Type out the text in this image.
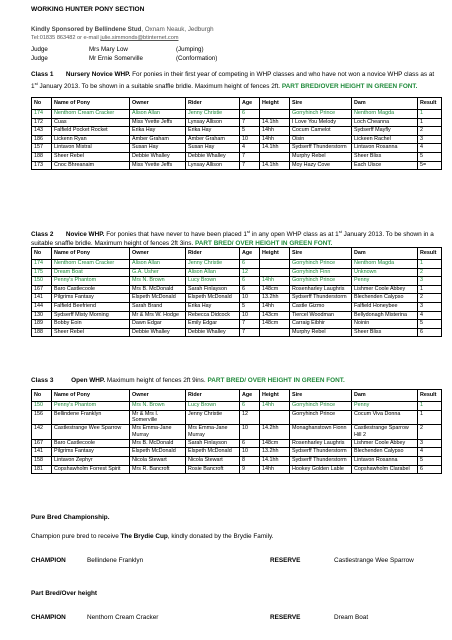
WORKING HUNTER PONY SECTION
Kindly Sponsored by Bellindene Stud, Oxnam Neauk, Jedburgh
Tel:01835 863482 or e-mail julie.simmonds@btinternet.com
Judge	Mrs Mary Low	(Jumping)
Judge	Mr Ernie Somerville	(Conformation)
Class 1 Nursery Novice WHP. For ponies in their first year of competing in WHP classes and who have not won a novice WHP class as at 1st January 2013. To be shown in a suitable snaffle bridle. Maximum height of fences 2ft. PART BRED/OVER HEIGHT IN GREEN FONT.
No	Name of Pony	Owner	Rider	Age	Height	Sire	Dam	Result
174	Nenthorn Cream Cracker	Alison Allan	Jenny Christie	6		Gorryhinch Prince	Nenthorn Magda	1
172	Cuas	Miss Yvette Jeffs	Lynsay Allison	7	14.1hh	I Love You Melody	Loch Cheanna	1
143	Falfield Pocket Rocket	Erika Hay	Erika Hay	5	14hh	Cocum Camelot	Sydserff Mayfly	2
186	Lickenn Ryan	Amber Graham	Amber Graham	10	14hh	Oisin	Lickeen Rachel	3
157	Lintavon Mistral	Susan Hay	Susan Hay	4	14.1hh	Sydserff Thunderstorm	Lintavon Rosanna	4
188	Sheer Rebel	Debbie Whalley	Debbie Whalley	7		Murphy Rebel	Sheer Bliss	5
173	Cnoc Bhreanaim	Miss Yvette Jeffs	Lynsay Allison	7	14.1hh	Moy Hazy Cove	Each Uisce	5=
Class 2 Novice WHP. For ponies that have never to have been placed 1st in any open WHP class as at 1st January 2013. To be shown in a suitable snaffle bridle. Maximum height of fences 2ft 3ins. PART BRED/ OVER HEIGHT IN GREEN FONT.
No	Name of Pony	Owner	Rider	Age	Height	Sire	Dam	Result
174	Nenthorn Cream Cracker	Alison Allan	Jenny Christie	6		Gorryhinch Prince	Nenthorn Magda	1
175	Dream Boat	G.A. Usher	Alison Allan	12		Gorryhinch Finn	Unknown	2
150	Penny's Phantom	Mrs N. Brown	Lucy Brown	6	14hh	Gorryhinch Prince	Penny	3
167	Baro Castlecoole	Mrs B. McDonald	Sarah Finlayson	6	148cm	Rosenharley Laughris	Lishmer Coole Abbey	1
141	Pilgrims Fantasy	Elspeth McDonald	Elspeth McDonald	10	13.2hh	Sydserff Thunderstorm	Blechenden Calypso	2
144	Falfield Beefriend	Sarah Brand	Erika Hay	5	14hh	Castle Gizmo	Falfield Honeybee	3
130	Sydserff Misty Morning	Mr & Mrs W. Hodge	Rebecca Didcock	10	143cm	Tiercel Woodman	Bellydonagh Misterina	4
189	Bobby Eoin	Dawn Edgar	Emily Edgar	7	148cm	Carraig Eibhir	Noinin	5
188	Sheer Rebel	Debbie Whalley	Debbie Whalley	7		Murphy Rebel	Sheer Bliss	6
Class 3	Open WHP. Maximum height of fences 2ft 9ins. PART BRED/ OVER HEIGHT IN GREEN FONT.
No	Name of Pony	Owner	Rider	Age	Height	Sire	Dam	Result
150	Penny's Phantom	Mrs N. Brown	Lucy Brown	6	14hh	Gorryhinch Prince	Penny	1
156	Bellindene Franklyn	Mr & Mrs I. Somerville	Jenny Christie	12		Gorryhinch Prince	Cocum Viva Donna	1
142	Castlestrange Wee Sparrow	Mrs Emma-Jane Murray	Mrs Emma-Jane Murray	10	14.2hh	Monaghanstown Fionn	Castlestrange Sparrow Hill 2	2
167	Baro Castlecoole	Mrs B. McDonald	Sarah Finlayson	6	148cm	Rosenharley Laughris	Lishmer Coole Abbey	3
141	Pilgrims Fantasy	Elspeth McDonald	Elspeth McDonald	10	13.2hh	Sydserff Thunderstorm	Blechenden Calypso	4
158	Lintavon Zephyr	Nicola Stewart	Nicola Stewart	8	14.1hh	Sydserff Thunderstorm	Lintavon Rosanna	5
181	Copshawholm Forrest Spirit	Mrs R. Bancroft	Rosie Bancroft	9	14hh	Hookey Golden Lable	Copshawholm Clarabel	6
Pure Bred Championship.
Champion pure bred to receive The Brydie Cup, kindly donated by the Brydie Family.
CHAMPION	Bellindene Franklyn	RESERVE	Castlestrange Wee Sparrow
Part Bred/Over height
CHAMPION	Nenthorn Cream Cracker	RESERVE	Dream Boat
